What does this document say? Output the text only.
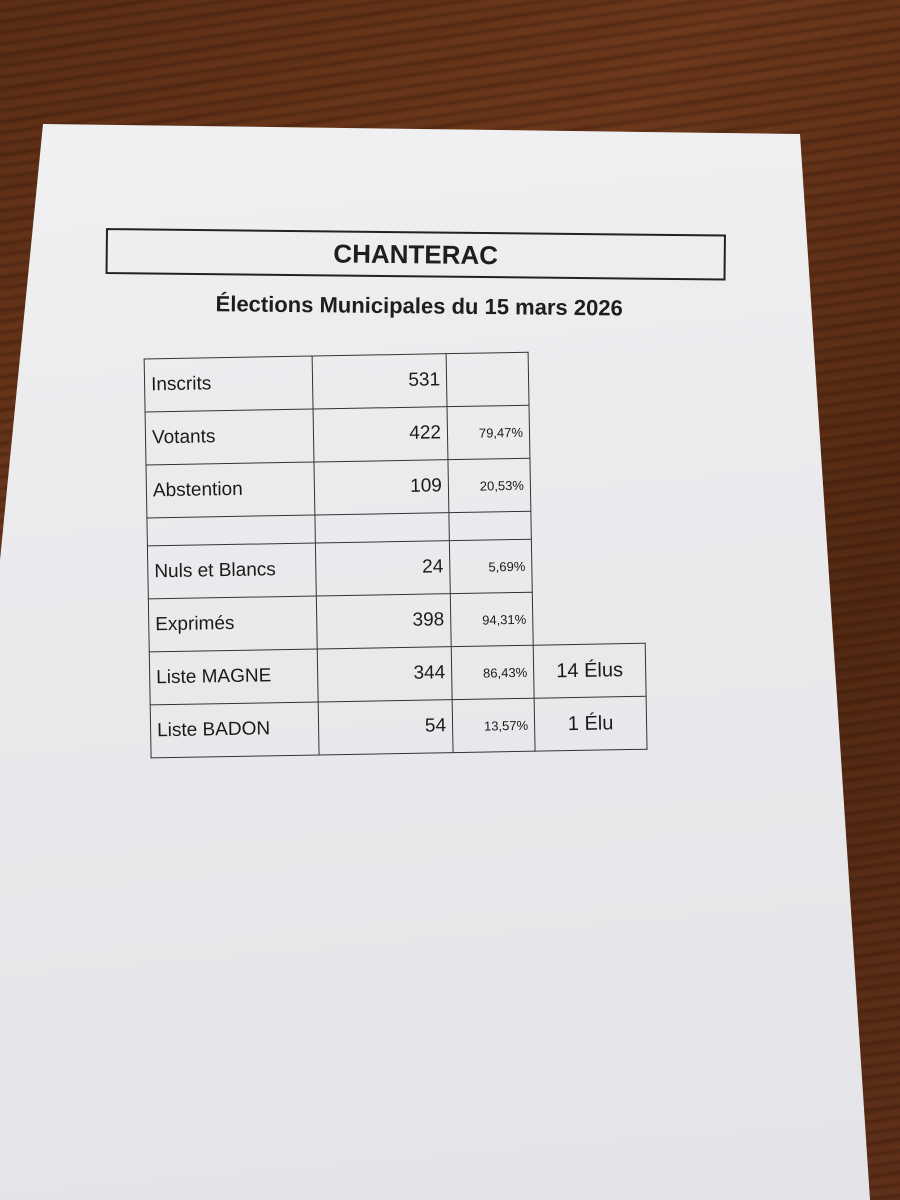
CHANTERAC
Élections Municipales du 15 mars 2026
Inscrits	531		
Votants	422	79,47%	
Abstention	109	20,53%	

Nuls et Blancs	24	5,69%	
Exprimés	398	94,31%	
Liste MAGNE	344	86,43%	14 Élus
Liste BADON	54	13,57%	1 Élu
